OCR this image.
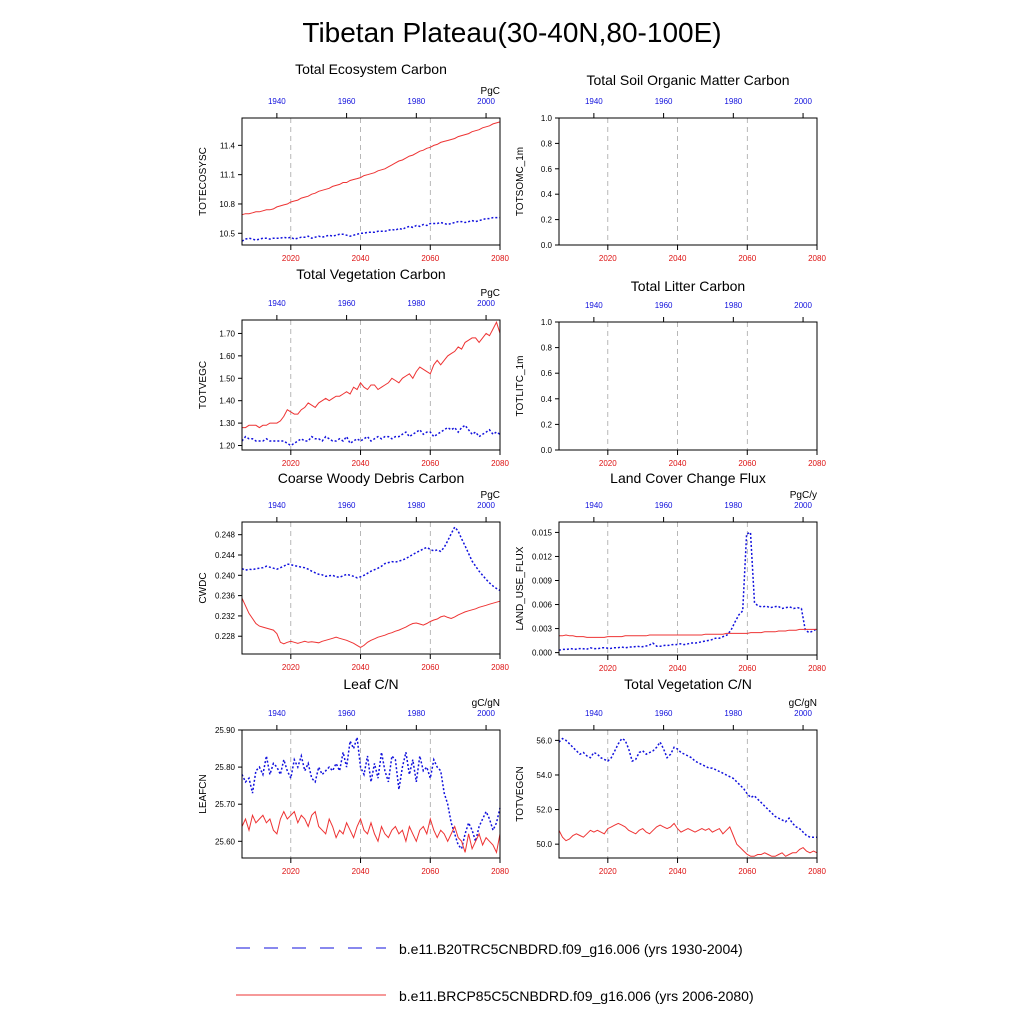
Tibetan Plateau(30-40N,80-100E)
Total Ecosystem Carbon
PgC
TOTECOSYSC
10.5
10.8
11.1
11.4
2020	2040	2060	2080
1940	1960	1980	2000
Total Soil Organic Matter Carbon
TOTSOMC_1m
0.0
0.2
0.4
0.6
0.8
1.0
2020	2040	2060	2080
1940	1960	1980	2000
Total Vegetation Carbon
PgC
TOTVEGC
1.20
1.30
1.40
1.50
1.60
1.70
2020	2040	2060	2080
1940	1960	1980	2000
Total Litter Carbon
TOTLITC_1m
0.0
0.2
0.4
0.6
0.8
1.0
2020	2040	2060	2080
1940	1960	1980	2000
Coarse Woody Debris Carbon
PgC
CWDC
0.228
0.232
0.236
0.240
0.244
0.248
2020	2040	2060	2080
1940	1960	1980	2000
Land Cover Change Flux
PgC/y
LAND_USE_FLUX
0.000
0.003
0.006
0.009
0.012
0.015
2020	2040	2060	2080
1940	1960	1980	2000
Leaf C/N
gC/gN
LEAFCN
25.60
25.70
25.80
25.90
2020	2040	2060	2080
1940	1960	1980	2000
Total Vegetation C/N
gC/gN
TOTVEGCN
50.0
52.0
54.0
56.0
2020	2040	2060	2080
1940	1960	1980	2000
b.e11.B20TRC5CNBDRD.f09_g16.006 (yrs 1930-2004)
b.e11.BRCP85C5CNBDRD.f09_g16.006 (yrs 2006-2080)
